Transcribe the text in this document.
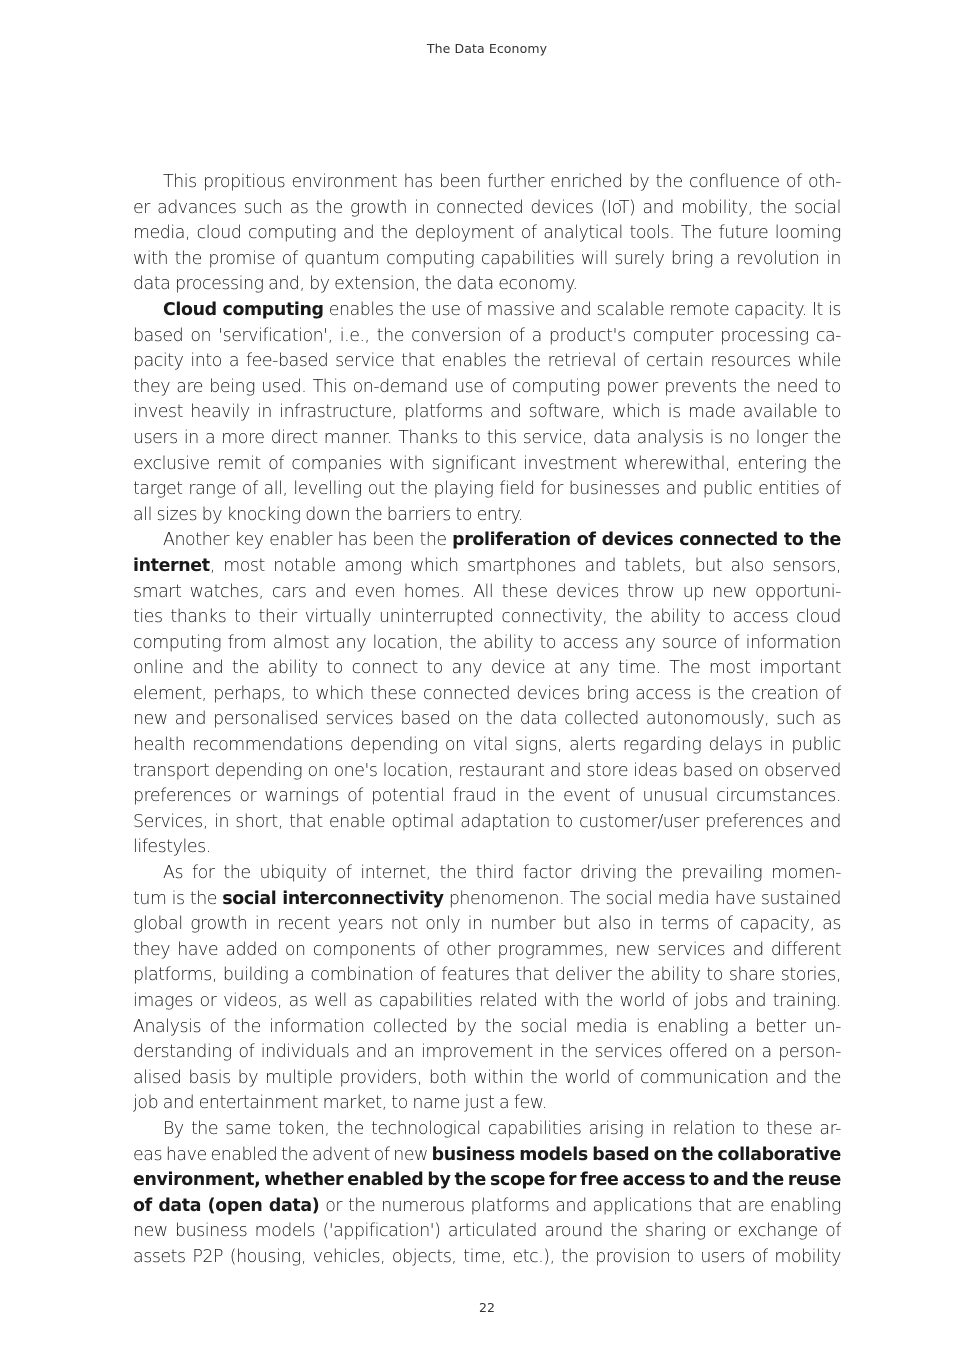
The Data Economy
This propitious environment has been further enriched by the confluence of oth-
er advances such as the growth in connected devices (IoT) and mobility, the social
media, cloud computing and the deployment of analytical tools. The future looming
with the promise of quantum computing capabilities will surely bring a revolution in
data processing and, by extension, the data economy.
Cloud computing enables the use of massive and scalable remote capacity. It is
based on 'servification', i.e., the conversion of a product's computer processing ca-
pacity into a fee-based service that enables the retrieval of certain resources while
they are being used. This on-demand use of computing power prevents the need to
invest heavily in infrastructure, platforms and software, which is made available to
users in a more direct manner. Thanks to this service, data analysis is no longer the
exclusive remit of companies with significant investment wherewithal, entering the
target range of all, levelling out the playing field for businesses and public entities of
all sizes by knocking down the barriers to entry.
Another key enabler has been the proliferation of devices connected to the
internet, most notable among which smartphones and tablets, but also sensors,
smart watches, cars and even homes. All these devices throw up new opportuni-
ties thanks to their virtually uninterrupted connectivity, the ability to access cloud
computing from almost any location, the ability to access any source of information
online and the ability to connect to any device at any time. The most important
element, perhaps, to which these connected devices bring access is the creation of
new and personalised services based on the data collected autonomously, such as
health recommendations depending on vital signs, alerts regarding delays in public
transport depending on one's location, restaurant and store ideas based on observed
preferences or warnings of potential fraud in the event of unusual circumstances.
Services, in short, that enable optimal adaptation to customer/user preferences and
lifestyles.
As for the ubiquity of internet, the third factor driving the prevailing momen-
tum is the social interconnectivity phenomenon. The social media have sustained
global growth in recent years not only in number but also in terms of capacity, as
they have added on components of other programmes, new services and different
platforms, building a combination of features that deliver the ability to share stories,
images or videos, as well as capabilities related with the world of jobs and training.
Analysis of the information collected by the social media is enabling a better un-
derstanding of individuals and an improvement in the services offered on a person-
alised basis by multiple providers, both within the world of communication and the
job and entertainment market, to name just a few.
By the same token, the technological capabilities arising in relation to these ar-
eas have enabled the advent of new business models based on the collaborative
environment, whether enabled by the scope for free access to and the reuse
of data (open data) or the numerous platforms and applications that are enabling
new business models ('appification') articulated around the sharing or exchange of
assets P2P (housing, vehicles, objects, time, etc.), the provision to users of mobility
22
